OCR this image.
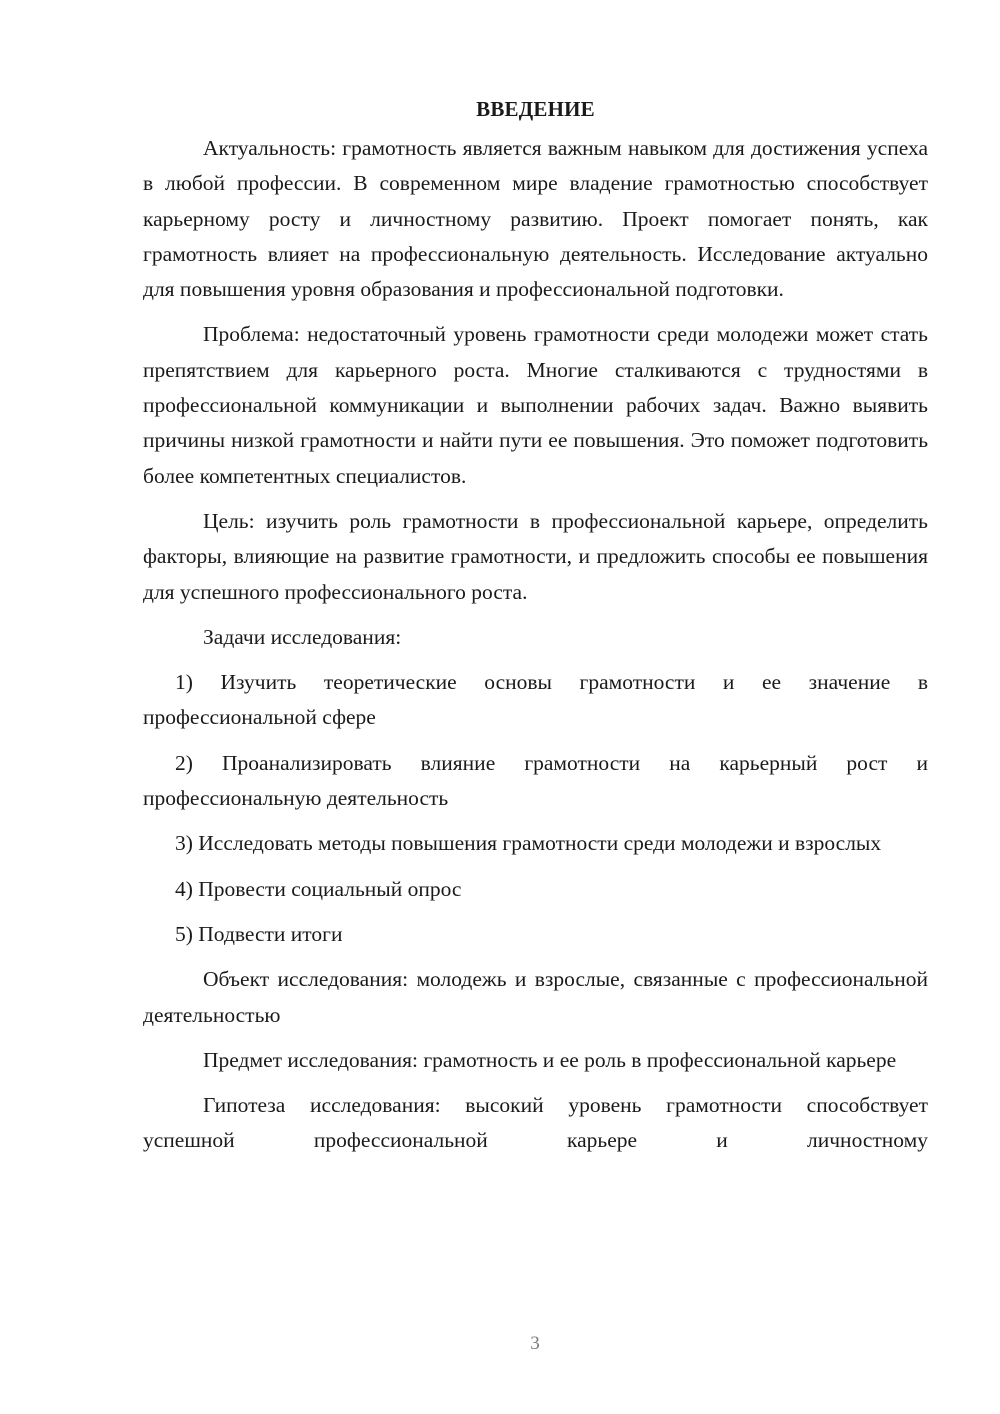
ВВЕДЕНИЕ

Актуальность: грамотность является важным навыком для достижения успеха в любой профессии. В современном мире владение грамотностью способствует карьерному росту и личностному развитию. Проект помогает понять, как грамотность влияет на профессиональную деятельность. Исследование актуально для повышения уровня образования и профессиональной подготовки.

Проблема: недостаточный уровень грамотности среди молодежи может стать препятствием для карьерного роста. Многие сталкиваются с трудностями в профессиональной коммуникации и выполнении рабочих задач. Важно выявить причины низкой грамотности и найти пути ее повышения. Это поможет подготовить более компетентных специалистов.

Цель: изучить роль грамотности в профессиональной карьере, определить факторы, влияющие на развитие грамотности, и предложить способы ее повышения для успешного профессионального роста.

Задачи исследования:

1) Изучить теоретические основы грамотности и ее значение в профессиональной сфере

2) Проанализировать влияние грамотности на карьерный рост и профессиональную деятельность

3) Исследовать методы повышения грамотности среди молодежи и взрослых

4) Провести социальный опрос

5) Подвести итоги

Объект исследования: молодежь и взрослые, связанные с профессиональной деятельностью

Предмет исследования: грамотность и ее роль в профессиональной карьере

Гипотеза исследования: высокий уровень грамотности способствует успешной профессиональной карьере и личностному

3
